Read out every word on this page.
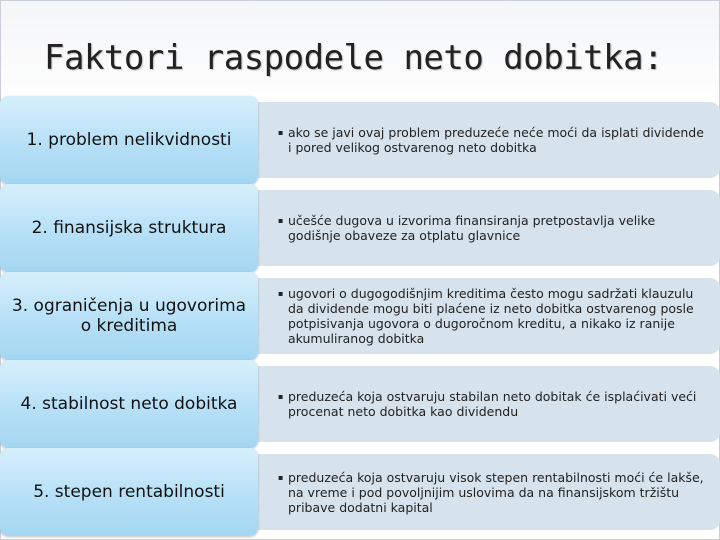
Faktori raspodele neto dobitka:
▪ ako se javi ovaj problem preduzeće neće moći da isplati dividende i pored velikog ostvarenog neto dobitka
1. problem nelikvidnosti
▪ učešće dugova u izvorima finansiranja pretpostavlja velike godišnje obaveze za otplatu glavnice
2. finansijska struktura
▪ ugovori o dugogodišnjim kreditima često mogu sadržati klauzulu da dividende mogu biti plaćene iz neto dobitka ostvarenog posle potpisivanja ugovora o dugoročnom kreditu, a nikako iz ranije akumuliranog dobitka
3. ograničenja u ugovorima o kreditima
▪ preduzeća koja ostvaruju stabilan neto dobitak će isplaćivati veći procenat neto dobitka kao dividendu
4. stabilnost neto dobitka
▪ preduzeća koja ostvaruju visok stepen rentabilnosti moći će lakše, na vreme i pod povoljnijim uslovima da na finansijskom tržištu pribave dodatni kapital
5. stepen rentabilnosti
